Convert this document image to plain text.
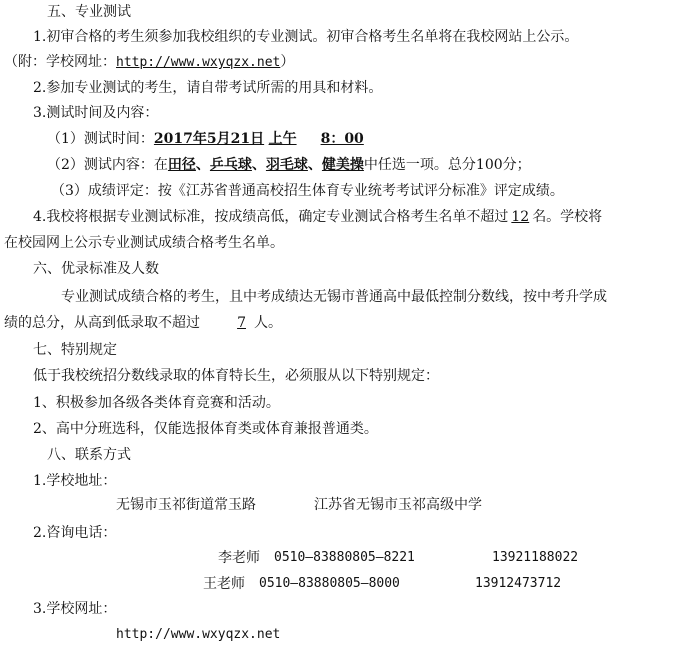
五、专业测试
1.初审合格的考生须参加我校组织的专业测试。初审合格考生名单将在我校网站上公示。
（附：学校网址：http://www.wxyqzx.net）
2.参加专业测试的考生，请自带考试所需的用具和材料。
3.测试时间及内容：
（1）测试时间：2017年5月21日 上午 8：00
（2）测试内容：在田径、乒乓球、羽毛球、健美操中任选一项。总分100分；
（3）成绩评定：按《江苏省普通高校招生体育专业统考考试评分标准》评定成绩。
4.我校将根据专业测试标准，按成绩高低，确定专业测试合格考生名单不超过 12 名。学校将
在校园网上公示专业测试成绩合格考生名单。
六、优录标准及人数
专业测试成绩合格的考生，且中考成绩达无锡市普通高中最低控制分数线，按中考升学成
绩的总分，从高到低录取不超过	7 人。
七、特别规定
低于我校统招分数线录取的体育特长生，必须服从以下特别规定：
1、积极参加各级各类体育竞赛和活动。
2、高中分班选科，仅能选报体育类或体育兼报普通类。
八、联系方式
1.学校地址：
无锡市玉祁街道常玉路	江苏省无锡市玉祁高级中学
2.咨询电话：
李老师 0510—83880805—8221	13921188022
王老师 0510—83880805—8000	13912473712
3.学校网址：
http://www.wxyqzx.net
